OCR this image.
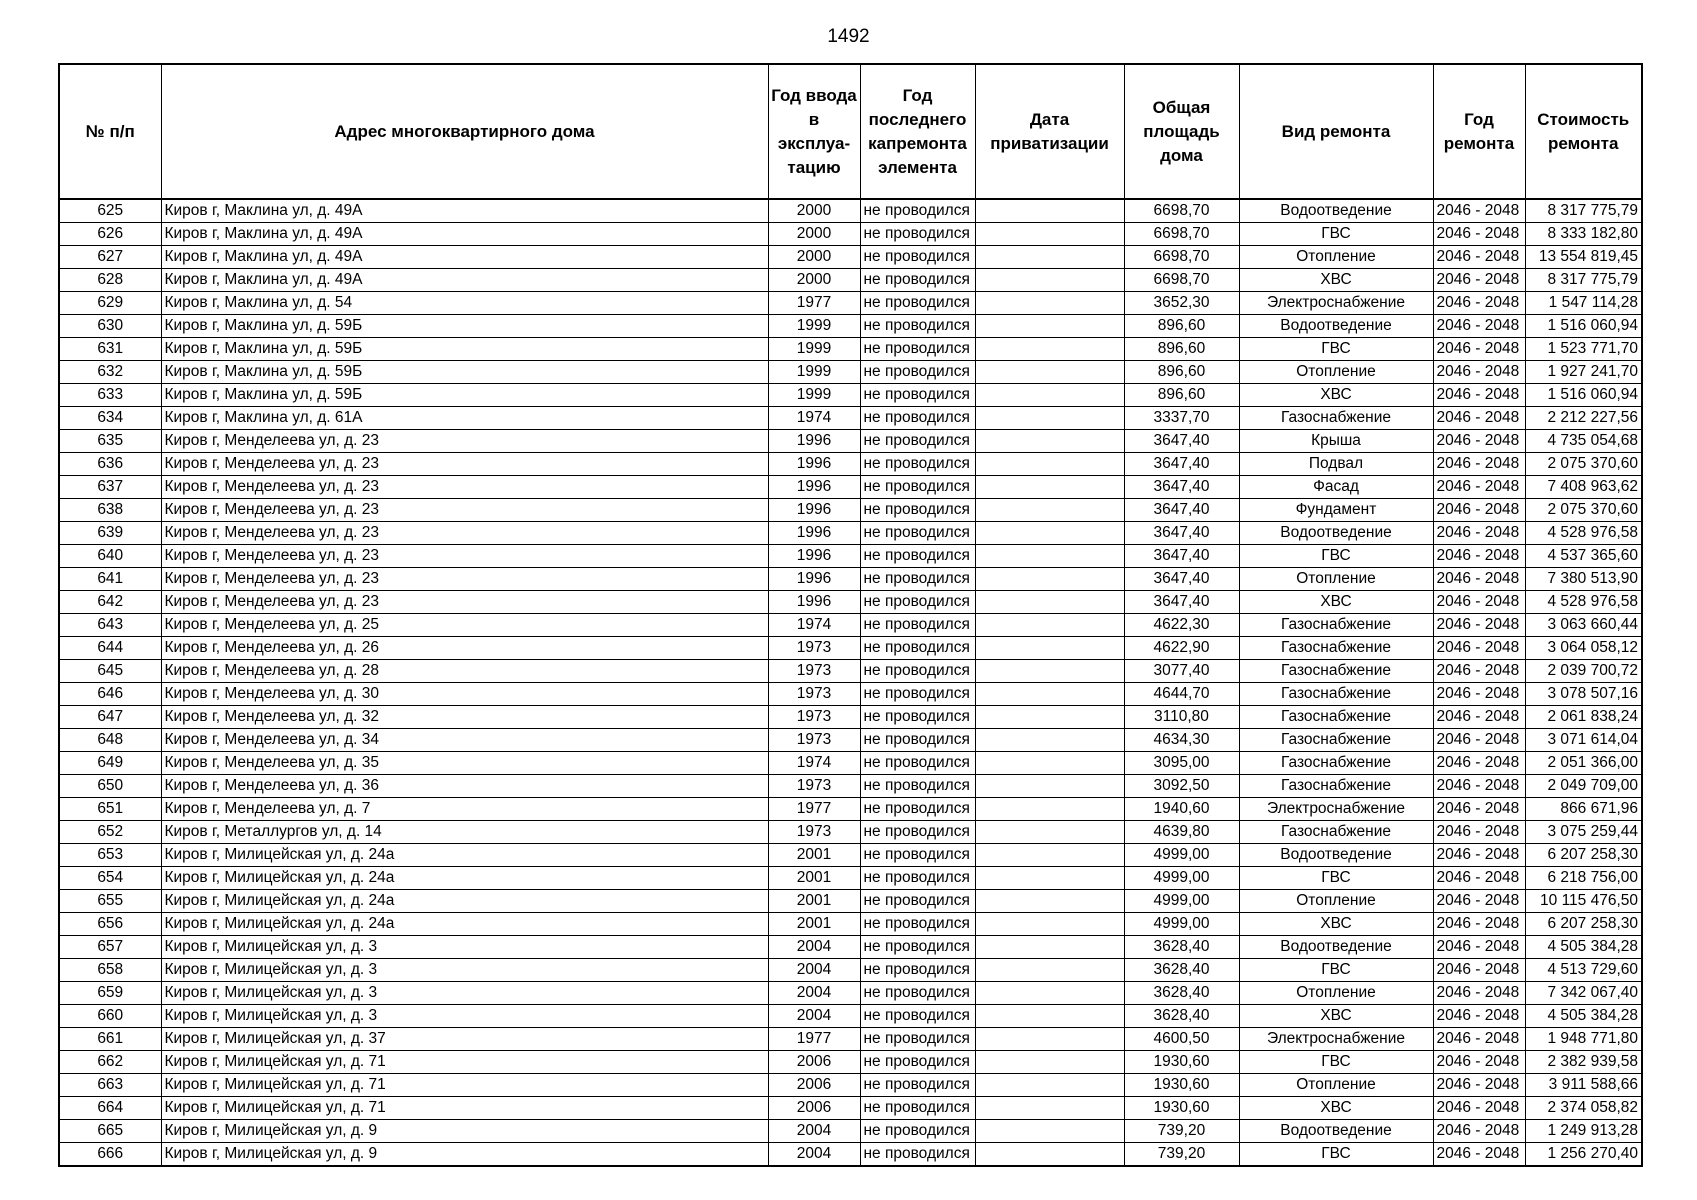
1492
№ п/п	Адрес многоквартирного дома	Год ввода в эксплуа- тацию	Год последнего капремонта элемента	Дата приватизации	Общая площадь дома	Вид ремонта	Год ремонта	Стоимость ремонта
625	Киров г, Маклина ул, д. 49А	2000	не проводился		6698,70	Водоотведение	2046 - 2048	8 317 775,79
626	Киров г, Маклина ул, д. 49А	2000	не проводился		6698,70	ГВС	2046 - 2048	8 333 182,80
627	Киров г, Маклина ул, д. 49А	2000	не проводился		6698,70	Отопление	2046 - 2048	13 554 819,45
628	Киров г, Маклина ул, д. 49А	2000	не проводился		6698,70	ХВС	2046 - 2048	8 317 775,79
629	Киров г, Маклина ул, д. 54	1977	не проводился		3652,30	Электроснабжение	2046 - 2048	1 547 114,28
630	Киров г, Маклина ул, д. 59Б	1999	не проводился		896,60	Водоотведение	2046 - 2048	1 516 060,94
631	Киров г, Маклина ул, д. 59Б	1999	не проводился		896,60	ГВС	2046 - 2048	1 523 771,70
632	Киров г, Маклина ул, д. 59Б	1999	не проводился		896,60	Отопление	2046 - 2048	1 927 241,70
633	Киров г, Маклина ул, д. 59Б	1999	не проводился		896,60	ХВС	2046 - 2048	1 516 060,94
634	Киров г, Маклина ул, д. 61А	1974	не проводился		3337,70	Газоснабжение	2046 - 2048	2 212 227,56
635	Киров г, Менделеева ул, д. 23	1996	не проводился		3647,40	Крыша	2046 - 2048	4 735 054,68
636	Киров г, Менделеева ул, д. 23	1996	не проводился		3647,40	Подвал	2046 - 2048	2 075 370,60
637	Киров г, Менделеева ул, д. 23	1996	не проводился		3647,40	Фасад	2046 - 2048	7 408 963,62
638	Киров г, Менделеева ул, д. 23	1996	не проводился		3647,40	Фундамент	2046 - 2048	2 075 370,60
639	Киров г, Менделеева ул, д. 23	1996	не проводился		3647,40	Водоотведение	2046 - 2048	4 528 976,58
640	Киров г, Менделеева ул, д. 23	1996	не проводился		3647,40	ГВС	2046 - 2048	4 537 365,60
641	Киров г, Менделеева ул, д. 23	1996	не проводился		3647,40	Отопление	2046 - 2048	7 380 513,90
642	Киров г, Менделеева ул, д. 23	1996	не проводился		3647,40	ХВС	2046 - 2048	4 528 976,58
643	Киров г, Менделеева ул, д. 25	1974	не проводился		4622,30	Газоснабжение	2046 - 2048	3 063 660,44
644	Киров г, Менделеева ул, д. 26	1973	не проводился		4622,90	Газоснабжение	2046 - 2048	3 064 058,12
645	Киров г, Менделеева ул, д. 28	1973	не проводился		3077,40	Газоснабжение	2046 - 2048	2 039 700,72
646	Киров г, Менделеева ул, д. 30	1973	не проводился		4644,70	Газоснабжение	2046 - 2048	3 078 507,16
647	Киров г, Менделеева ул, д. 32	1973	не проводился		3110,80	Газоснабжение	2046 - 2048	2 061 838,24
648	Киров г, Менделеева ул, д. 34	1973	не проводился		4634,30	Газоснабжение	2046 - 2048	3 071 614,04
649	Киров г, Менделеева ул, д. 35	1974	не проводился		3095,00	Газоснабжение	2046 - 2048	2 051 366,00
650	Киров г, Менделеева ул, д. 36	1973	не проводился		3092,50	Газоснабжение	2046 - 2048	2 049 709,00
651	Киров г, Менделеева ул, д. 7	1977	не проводился		1940,60	Электроснабжение	2046 - 2048	866 671,96
652	Киров г, Металлургов ул, д. 14	1973	не проводился		4639,80	Газоснабжение	2046 - 2048	3 075 259,44
653	Киров г, Милицейская ул, д. 24а	2001	не проводился		4999,00	Водоотведение	2046 - 2048	6 207 258,30
654	Киров г, Милицейская ул, д. 24а	2001	не проводился		4999,00	ГВС	2046 - 2048	6 218 756,00
655	Киров г, Милицейская ул, д. 24а	2001	не проводился		4999,00	Отопление	2046 - 2048	10 115 476,50
656	Киров г, Милицейская ул, д. 24а	2001	не проводился		4999,00	ХВС	2046 - 2048	6 207 258,30
657	Киров г, Милицейская ул, д. 3	2004	не проводился		3628,40	Водоотведение	2046 - 2048	4 505 384,28
658	Киров г, Милицейская ул, д. 3	2004	не проводился		3628,40	ГВС	2046 - 2048	4 513 729,60
659	Киров г, Милицейская ул, д. 3	2004	не проводился		3628,40	Отопление	2046 - 2048	7 342 067,40
660	Киров г, Милицейская ул, д. 3	2004	не проводился		3628,40	ХВС	2046 - 2048	4 505 384,28
661	Киров г, Милицейская ул, д. 37	1977	не проводился		4600,50	Электроснабжение	2046 - 2048	1 948 771,80
662	Киров г, Милицейская ул, д. 71	2006	не проводился		1930,60	ГВС	2046 - 2048	2 382 939,58
663	Киров г, Милицейская ул, д. 71	2006	не проводился		1930,60	Отопление	2046 - 2048	3 911 588,66
664	Киров г, Милицейская ул, д. 71	2006	не проводился		1930,60	ХВС	2046 - 2048	2 374 058,82
665	Киров г, Милицейская ул, д. 9	2004	не проводился		739,20	Водоотведение	2046 - 2048	1 249 913,28
666	Киров г, Милицейская ул, д. 9	2004	не проводился		739,20	ГВС	2046 - 2048	1 256 270,40
